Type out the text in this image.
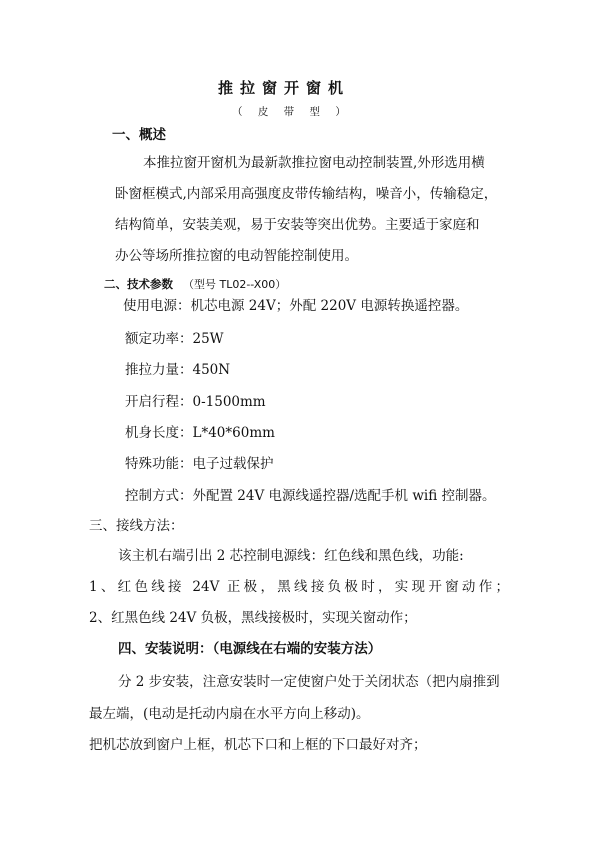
推拉窗开窗机
（ 皮 带 型 ）
一、概述
本推拉窗开窗机为最新款推拉窗电动控制装置,外形选用横
卧窗框模式,内部采用高强度皮带传输结构，噪音小，传输稳定，
结构简单，安装美观，易于安装等突出优势。主要适于家庭和
办公等场所推拉窗的电动智能控制使用。
二、技术参数 （型号 TL02--X00）
使用电源：机芯电源 24V；外配 220V 电源转换遥控器。
额定功率：25W
推拉力量：450N
开启行程：0-1500mm
机身长度：L*40*60mm
特殊功能：电子过载保护
控制方式：外配置 24V 电源线遥控器/选配手机 wifi 控制器。
三、接线方法：
该主机右端引出 2 芯控制电源线：红色线和黑色线，功能:
1、红色线接 24V 正极，黑线接负极时，实现开窗动作；
2、红黑色线 24V 负极，黑线接极时，实现关窗动作；
四、安装说明：（电源线在右端的安装方法）
分 2 步安装，注意安装时一定使窗户处于关闭状态（把内扇推到
最左端，(电动是托动内扇在水平方向上移动)。
把机芯放到窗户上框，机芯下口和上框的下口最好对齐；
